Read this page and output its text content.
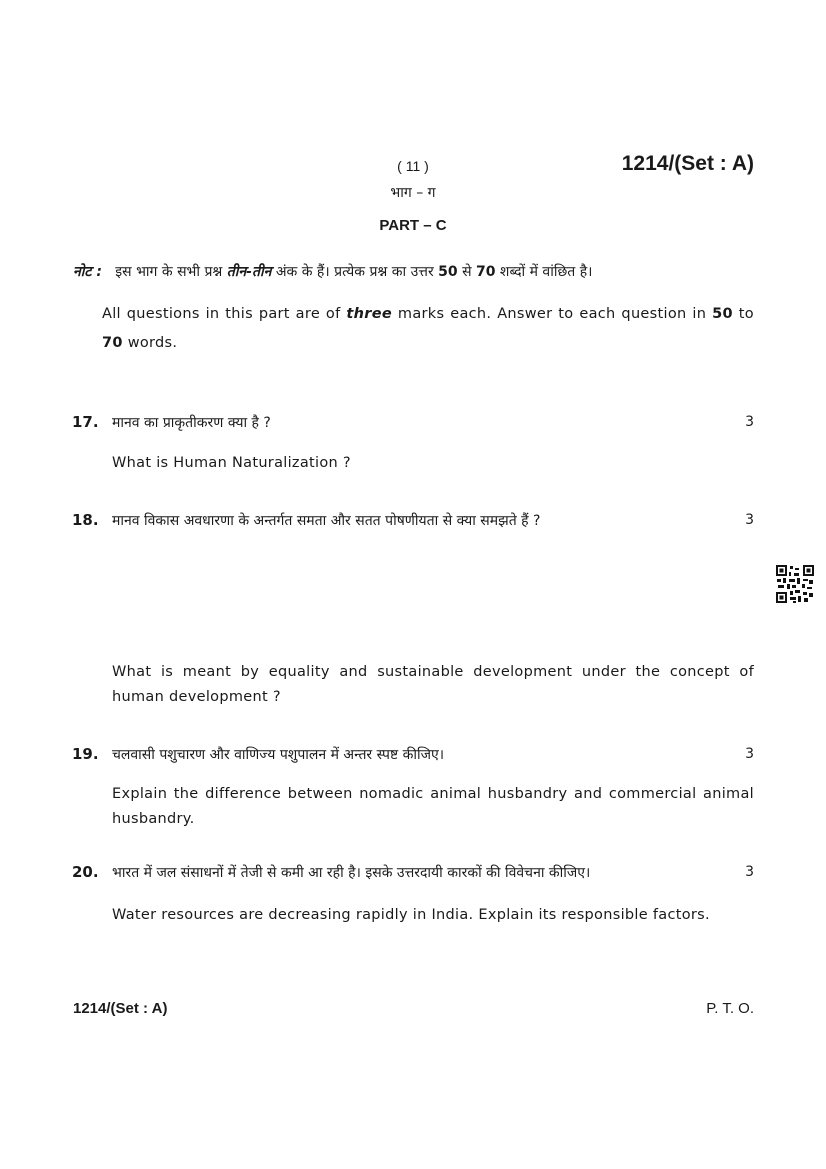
( 11 )	1214/(Set : A)
भाग – ग
PART – C
नोट : इस भाग के सभी प्रश्न तीन-तीन अंक के हैं। प्रत्येक प्रश्न का उत्तर 50 से 70 शब्दों में वांछित है।
All questions in this part are of three marks each. Answer to each question in 50 to 70 words.
17. मानव का प्राकृतीकरण क्या है ?	3
What is Human Naturalization ?
18. मानव विकास अवधारणा के अन्तर्गत समता और सतत पोषणीयता से क्या समझते हैं ?	3
What is meant by equality and sustainable development under the concept of human development ?
19. चलवासी पशुचारण और वाणिज्य पशुपालन में अन्तर स्पष्ट कीजिए।	3
Explain the difference between nomadic animal husbandry and commercial animal husbandry.
20. भारत में जल संसाधनों में तेजी से कमी आ रही है। इसके उत्तरदायी कारकों की विवेचना कीजिए।	3
Water resources are decreasing rapidly in India. Explain its responsible factors.
1214/(Set : A)	P. T. O.
